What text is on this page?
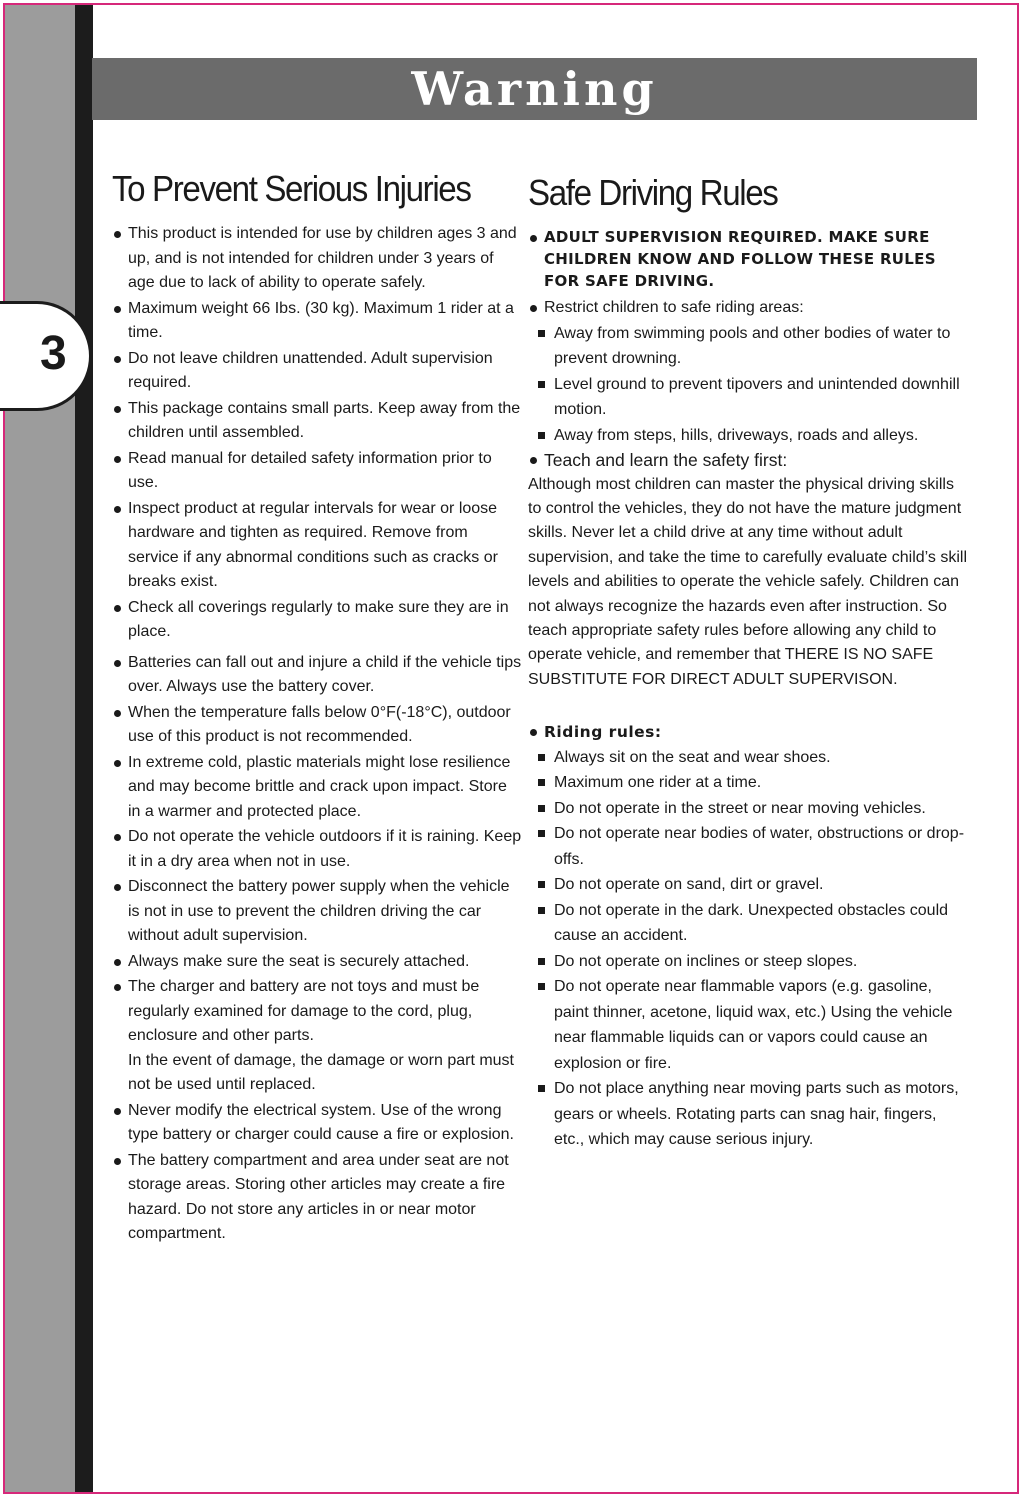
3
Warning
To Prevent Serious Injuries
This product is intended for use by children ages 3 and up, and is not intended for children under 3 years of age due to lack of ability to operate safely.
Maximum weight 66 Ibs. (30 kg). Maximum 1 rider at a time.
Do not leave children unattended. Adult supervision required.
This package contains small parts. Keep away from the children until assembled.
Read manual for detailed safety information prior to use.
Inspect product at regular intervals for wear or loose hardware and tighten as required. Remove from service if any abnormal conditions such as cracks or breaks exist.
Check all coverings regularly to make sure they are in place.
Batteries can fall out and injure a child if the vehicle tips over. Always use the battery cover.
When the temperature falls below 0°F(-18°C), outdoor use of this product is not recommended.
In extreme cold, plastic materials might lose resilience and may become brittle and crack upon impact. Store in a warmer and protected place.
Do not operate the vehicle outdoors if it is raining. Keep it in a dry area when not in use.
Disconnect the battery power supply when the vehicle is not in use to prevent the children driving the car without adult supervision.
Always make sure the seat is securely attached.
The charger and battery are not toys and must be regularly examined for damage to the cord, plug, enclosure and other parts.
In the event of damage, the damage or worn part must not be used until replaced.
Never modify the electrical system. Use of the wrong type battery or charger could cause a fire or explosion.
The battery compartment and area under seat are not storage areas. Storing other articles may create a fire hazard. Do not store any articles in or near motor compartment.
Safe Driving Rules
ADULT SUPERVISION REQUIRED. MAKE SURE CHILDREN KNOW AND FOLLOW THESE RULES FOR SAFE DRIVING.
Restrict children to safe riding areas:
Away from swimming pools and other bodies of water to prevent drowning.
Level ground to prevent tipovers and unintended downhill motion.
Away from steps, hills, driveways, roads and alleys.
Teach and learn the safety first:

Although most children can master the physical driving skills to control the vehicles, they do not have the mature judgment skills. Never let a child drive at any time without adult supervision, and take the time to carefully evaluate child’s skill levels and abilities to operate the vehicle safely. Children can not always recognize the hazards even after instruction. So teach appropriate safety rules before allowing any child to operate vehicle, and remember that THERE IS NO SAFE SUBSTITUTE FOR DIRECT ADULT SUPERVISON.

Riding rules:
Always sit on the seat and wear shoes.
Maximum one rider at a time.
Do not operate in the street or near moving vehicles.
Do not operate near bodies of water, obstructions or drop-offs.
Do not operate on sand, dirt or gravel.
Do not operate in the dark. Unexpected obstacles could cause an accident.
Do not operate on inclines or steep slopes.
Do not operate near flammable vapors (e.g. gasoline, paint thinner, acetone, liquid wax, etc.) Using the vehicle near flammable liquids can or vapors could cause an explosion or fire.
Do not place anything near moving parts such as motors, gears or wheels. Rotating parts can snag hair, fingers, etc., which may cause serious injury.
